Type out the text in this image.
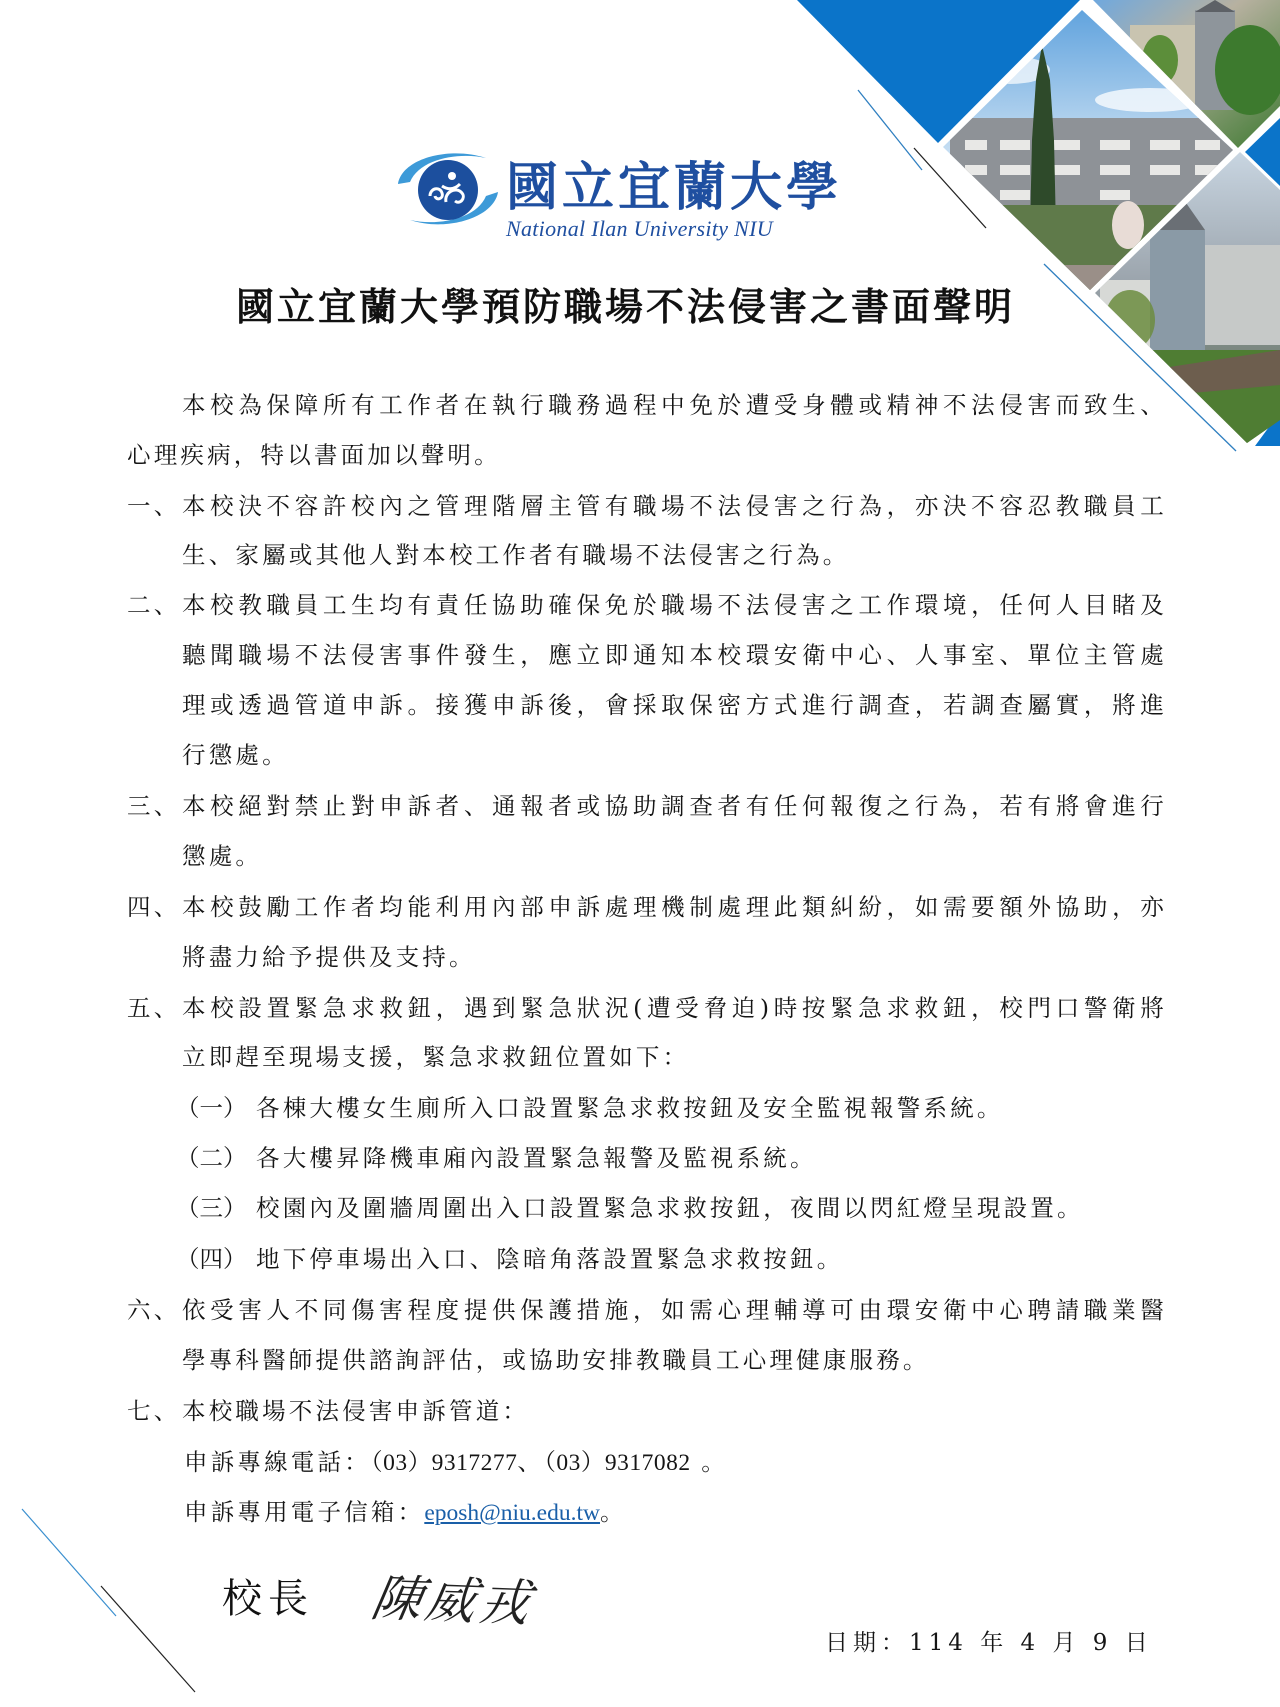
國立宜蘭大學
National Ilan University NIU
國立宜蘭大學預防職場不法侵害之書面聲明
本校為保障所有工作者在執行職務過程中免於遭受身體或精神不法侵害而致生、
心理疾病，特以書面加以聲明。
一、 本校決不容許校內之管理階層主管有職場不法侵害之行為，亦決不容忍教職員工
生、家屬或其他人對本校工作者有職場不法侵害之行為。
二、 本校教職員工生均有責任協助確保免於職場不法侵害之工作環境，任何人目睹及
聽聞職場不法侵害事件發生，應立即通知本校環安衛中心、人事室、單位主管處
理或透過管道申訴。接獲申訴後，會採取保密方式進行調查，若調查屬實，將進
行懲處。
三、 本校絕對禁止對申訴者、通報者或協助調查者有任何報復之行為，若有將會進行
懲處。
四、 本校鼓勵工作者均能利用內部申訴處理機制處理此類糾紛，如需要額外協助，亦
將盡力給予提供及支持。
五、 本校設置緊急求救鈕，遇到緊急狀況(遭受脅迫)時按緊急求救鈕，校門口警衛將
立即趕至現場支援，緊急求救鈕位置如下：
（一） 各棟大樓女生廁所入口設置緊急求救按鈕及安全監視報警系統。
（二） 各大樓昇降機車廂內設置緊急報警及監視系統。
（三） 校園內及圍牆周圍出入口設置緊急求救按鈕，夜間以閃紅燈呈現設置。
（四） 地下停車場出入口、陰暗角落設置緊急求救按鈕。
六、 依受害人不同傷害程度提供保護措施，如需心理輔導可由環安衛中心聘請職業醫
學專科醫師提供諮詢評估，或協助安排教職員工心理健康服務。
七、 本校職場不法侵害申訴管道：
申訴專線電話：（03）9317277、（03）9317082 。
申訴專用電子信箱：eposh@niu.edu.tw。
校長 陳威戎
日期：114 年 4 月 9 日
